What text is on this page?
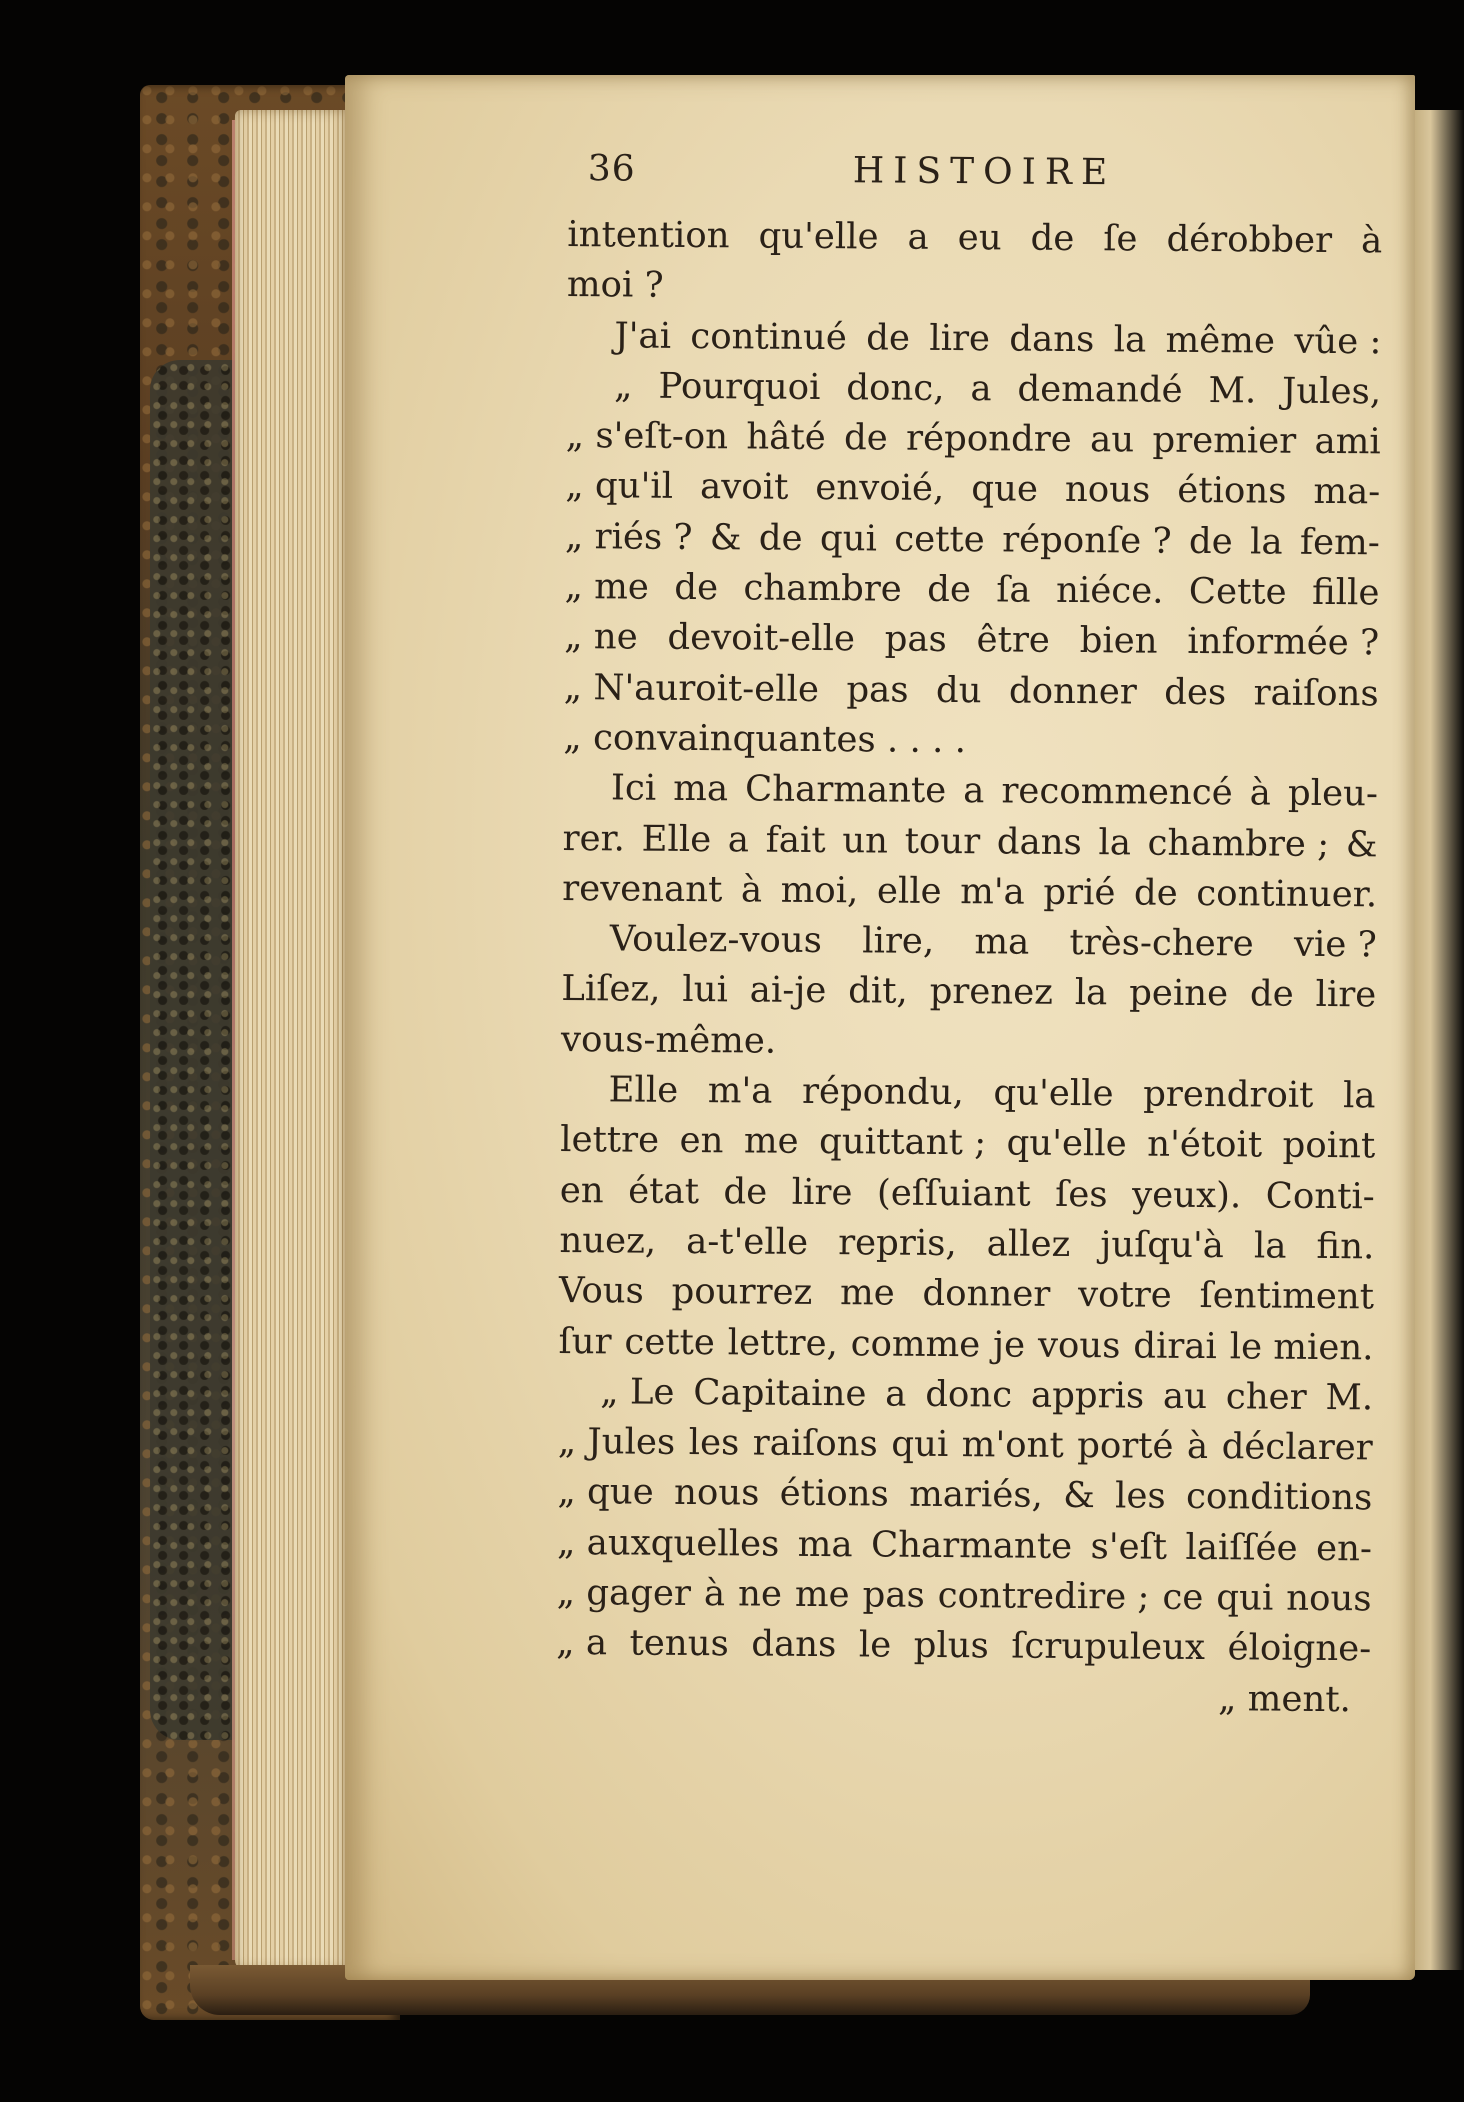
36	HISTOIRE
intention qu'elle a eu de ſe dérobber à
moi ?
J'ai continué de lire dans la même vûe :
„ Pourquoi donc, a demandé M. Jules,
„ s'eſt-on hâté de répondre au premier ami
„ qu'il avoit envoié, que nous étions ma-
„ riés ? & de qui cette réponſe ? de la fem-
„ me de chambre de ſa niéce. Cette fille
„ ne devoit-elle pas être bien informée ?
„ N'auroit-elle pas du donner des raiſons
„ convainquantes . . . .
Ici ma Charmante a recommencé à pleu-
rer. Elle a fait un tour dans la chambre ; &
revenant à moi, elle m'a prié de continuer.
Voulez-vous lire, ma très-chere vie ?
Liſez, lui ai-je dit, prenez la peine de lire
vous-même.
Elle m'a répondu, qu'elle prendroit la
lettre en me quittant ; qu'elle n'étoit point
en état de lire (eſſuiant ſes yeux). Conti-
nuez, a-t'elle repris, allez juſqu'à la fin.
Vous pourrez me donner votre ſentiment
ſur cette lettre, comme je vous dirai le mien.
„ Le Capitaine a donc appris au cher M.
„ Jules les raiſons qui m'ont porté à déclarer
„ que nous étions mariés, & les conditions
„ auxquelles ma Charmante s'eſt laiſſée en-
„ gager à ne me pas contredire ; ce qui nous
„ a tenus dans le plus ſcrupuleux éloigne-
„ ment.
